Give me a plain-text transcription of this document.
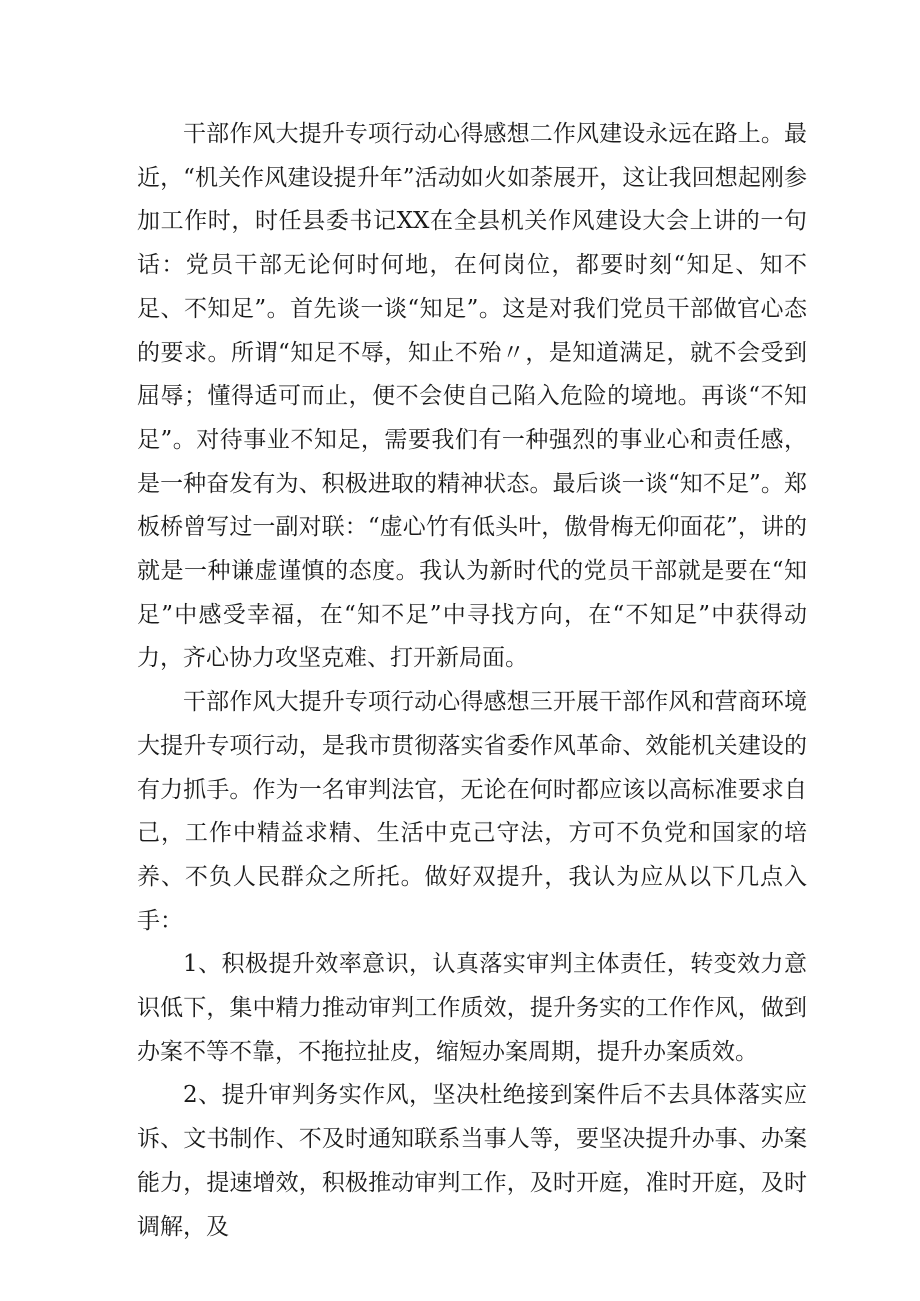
干部作风大提升专项行动心得感想二作风建设永远在路上。最近，“机关作风建设提升年”活动如火如荼展开，这让我回想起刚参加工作时，时任县委书记XX在全县机关作风建设大会上讲的一句话：党员干部无论何时何地，在何岗位，都要时刻“知足、知不足、不知足”。首先谈一谈“知足”。这是对我们党员干部做官心态的要求。所谓“知足不辱，知止不殆〃，是知道满足，就不会受到屈辱；懂得适可而止，便不会使自己陷入危险的境地。再谈“不知足”。对待事业不知足，需要我们有一种强烈的事业心和责任感，是一种奋发有为、积极进取的精神状态。最后谈一谈“知不足”。郑板桥曾写过一副对联：“虚心竹有低头叶，傲骨梅无仰面花”，讲的就是一种谦虚谨慎的态度。我认为新时代的党员干部就是要在“知足”中感受幸福，在“知不足”中寻找方向，在“不知足”中获得动力，齐心协力攻坚克难、打开新局面。

干部作风大提升专项行动心得感想三开展干部作风和营商环境大提升专项行动，是我市贯彻落实省委作风革命、效能机关建设的有力抓手。作为一名审判法官，无论在何时都应该以高标准要求自己，工作中精益求精、生活中克己守法，方可不负党和国家的培养、不负人民群众之所托。做好双提升，我认为应从以下几点入手：

1、积极提升效率意识，认真落实审判主体责任，转变效力意识低下，集中精力推动审判工作质效，提升务实的工作作风，做到办案不等不靠，不拖拉扯皮，缩短办案周期，提升办案质效。

2、提升审判务实作风，坚决杜绝接到案件后不去具体落实应诉、文书制作、不及时通知联系当事人等，要坚决提升办事、办案能力，提速增效，积极推动审判工作，及时开庭，准时开庭，及时调解，及
